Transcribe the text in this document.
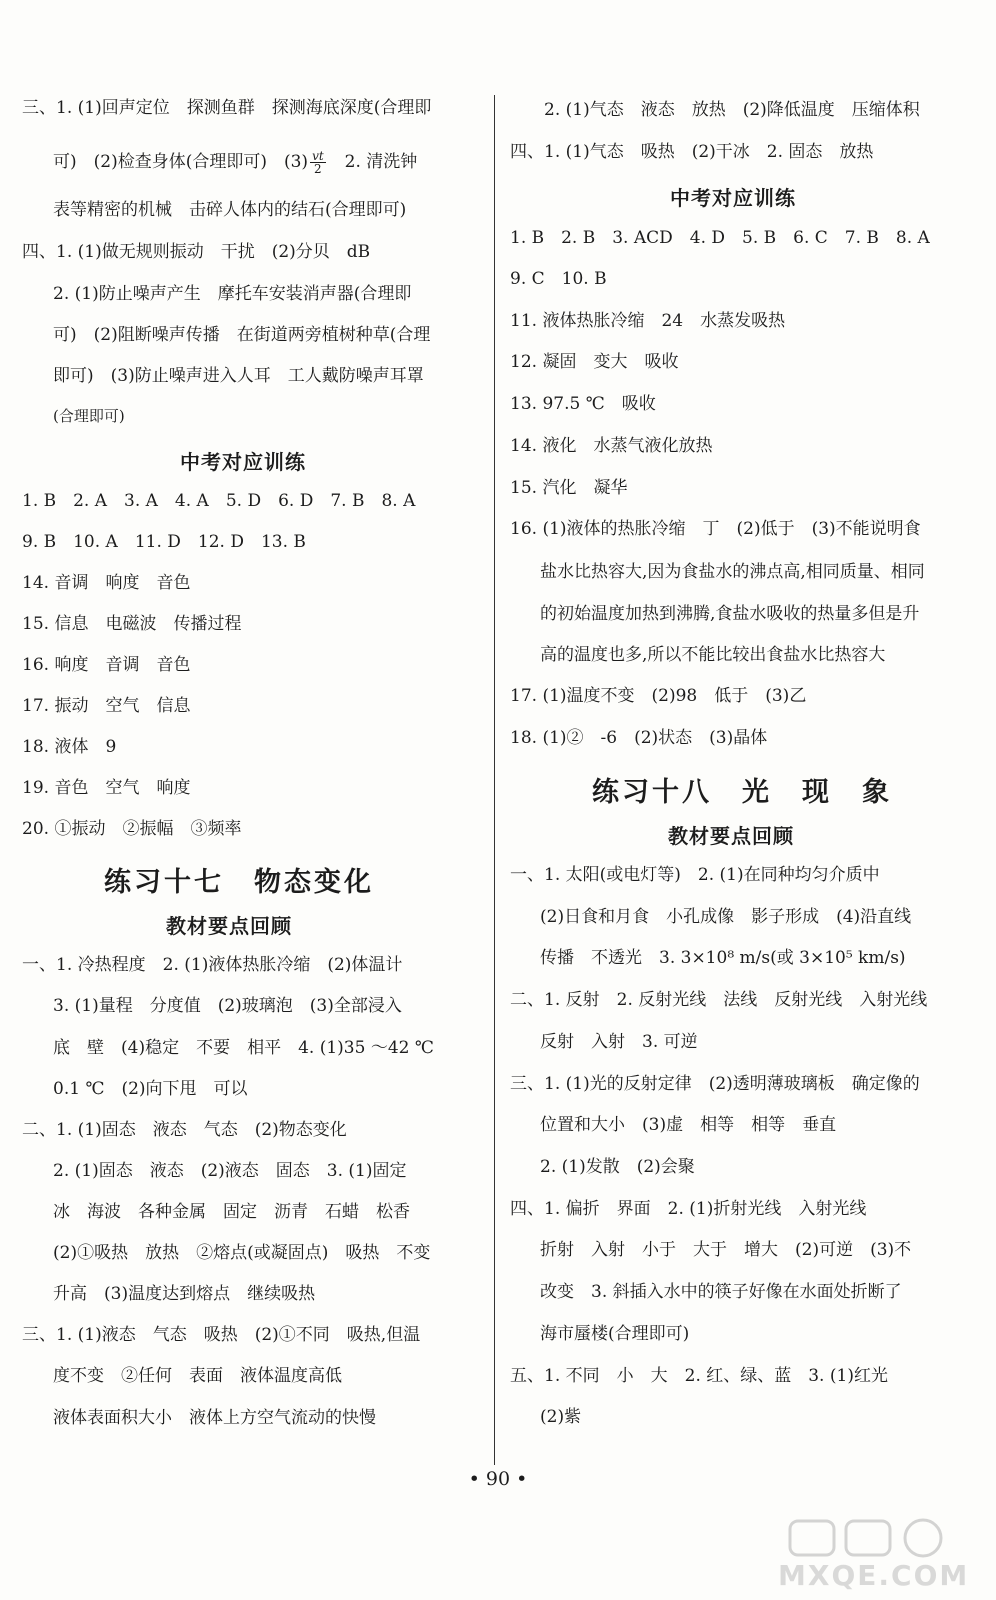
三、1. (1)回声定位　探测鱼群　探测海底深度(合理即
可)　(2)检查身体(合理即可)　$(3) \frac{vt}{2}$ 　2. 清洗钟
表等精密的机械　击碎人体内的结石(合理即可)
四、1. (1)做无规则振动　干扰　(2)分贝　dB
2. (1)防止噪声产生　摩托车安装消声器(合理即
可)　(2)阻断噪声传播　在街道两旁植树种草(合理
即可)　(3)防止噪声进入人耳　工人戴防噪声耳罩
(合理即可)
中考对应训练
1. B　2. A　3. A　4. A　5. D　6. D　7. B　8. A
9. B　10. A　11. D　12. D　13. B
14. 音调　响度　音色
15. 信息　电磁波　传播过程
16. 响度　音调　音色
17. 振动　空气　信息
18. 液体　9
19. 音色　空气　响度
20. ①振动　②振幅　③频率
练习十七　物态变化
教材要点回顾
一、1. 冷热程度　2. (1)液体热胀冷缩　(2)体温计
3. (1)量程　分度值　(2)玻璃泡　(3)全部浸入
底　壁　(4)稳定　不要　相平　4. (1)35 ～42 ℃
0.1 ℃　(2)向下甩　可以
二、1. (1)固态　液态　气态　(2)物态变化
2. (1)固态　液态　(2)液态　固态　3. (1)固定
冰　海波　各种金属　固定　沥青　石蜡　松香
(2)①吸热　放热　②熔点(或凝固点)　吸热　不变
升高　(3)温度达到熔点　继续吸热
三、1. (1)液态　气态　吸热　(2)①不同　吸热,但温
度不变　②任何　表面　液体温度高低
液体表面积大小　液体上方空气流动的快慢
2. (1)气态　液态　放热　(2)降低温度　压缩体积
四、1. (1)气态　吸热　(2)干冰　2. 固态　放热
中考对应训练
1. B　2. B　3. ACD　4. D　5. B　6. C　7. B　8. A
9. C　10. B
11. 液体热胀冷缩　24　水蒸发吸热
12. 凝固　变大　吸收
13. 97.5 ℃　吸收
14. 液化　水蒸气液化放热
15. 汽化　凝华
16. (1)液体的热胀冷缩　丁　(2)低于　(3)不能说明食
盐水比热容大,因为食盐水的沸点高,相同质量、相同
的初始温度加热到沸腾,食盐水吸收的热量多但是升
高的温度也多,所以不能比较出食盐水比热容大
17. (1)温度不变　(2)98　低于　(3)乙
18. (1)②　-6　(2)状态　(3)晶体
练习十八　光　现　象
教材要点回顾
一、1. 太阳(或电灯等)　2. (1)在同种均匀介质中
(2)日食和月食　小孔成像　影子形成　(4)沿直线
传播　不透光　3. 3×10⁸ m/s(或 3×10⁵ km/s)
二、1. 反射　2. 反射光线　法线　反射光线　入射光线
反射　入射　3. 可逆
三、1. (1)光的反射定律　(2)透明薄玻璃板　确定像的
位置和大小　(3)虚　相等　相等　垂直
2. (1)发散　(2)会聚
四、1. 偏折　界面　2. (1)折射光线　入射光线
折射　入射　小于　大于　增大　(2)可逆　(3)不
改变　3. 斜插入水中的筷子好像在水面处折断了
海市蜃楼(合理即可)
五、1. 不同　小　大　2. 红、绿、蓝　3. (1)红光
(2)紫
• 90 •
MXQE.COM
